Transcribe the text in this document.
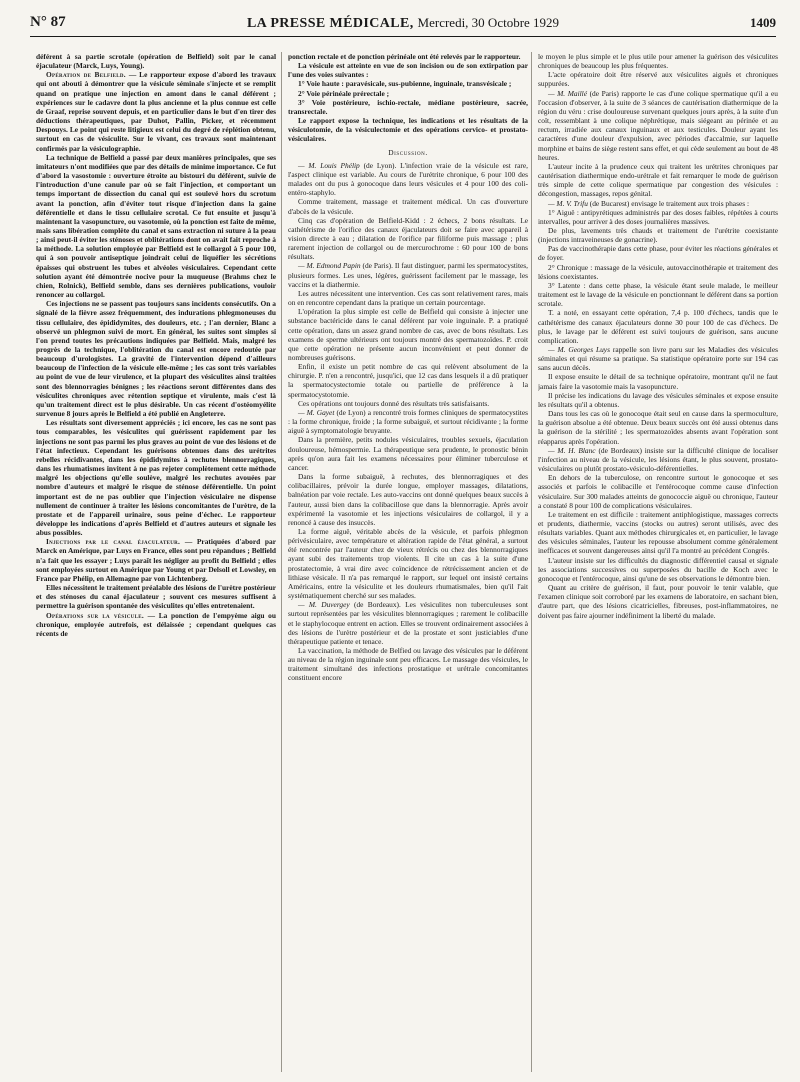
N° 87	LA PRESSE MÉDICALE, Mercredi, 30 Octobre 1929	1409

déférent à sa partie scrotale (opération de Belfield) soit par le canal éjaculateur (Marck, Luys, Young).

Opération de Belfield. — Le rapporteur expose d'abord les travaux qui ont abouti à démontrer que la vésicule séminale s'injecte et se remplit quand on pratique une injection en amont dans le canal déférent ; expériences sur le cadavre dont la plus ancienne et la plus connue est celle de Graaf, reprise souvent depuis, et en particulier dans le but d'en tirer des déductions thérapeutiques, par Duhot, Pallin, Picker, et récemment Despouys. Le point qui reste litigieux est celui du degré de réplétion obtenu, surtout en cas de vésiculite. Sur le vivant, ces travaux sont maintenant confirmés par la vésiculographie.

La technique de Belfield a passé par deux manières principales, que ses imitateurs n'ont modifiées que par des détails de minime importance. Ce fut d'abord la vasostomie : ouverture étroite au bistouri du déférent, suivie de l'introduction d'une canule par où se fait l'injection, et comportant un temps important de dissection du canal qui est soulevé hors du scrotum avant la ponction, afin d'éviter tout risque d'injection dans la gaine déférentielle et dans le tissu cellulaire scrotal. Ce fut ensuite et jusqu'à maintenant la vasopuncture, ou vasotomie, où la ponction est faite de même, mais sans libération complète du canal et sans extraction ni suture à la peau ; ainsi peut-il éviter les sténoses et oblitérations dont on avait fait reproche à la méthode. La solution employée par Belfield est le collargol à 5 pour 100, qui à son pouvoir antiseptique joindrait celui de liquéfier les sécrétions épaisses qui obstruent les tubes et alvéoles vésiculaires. Cependant cette solution ayant été démontrée nocive pour la muqueuse (Brahms chez le chien, Rolnick), Belfield semble, dans ses dernières publications, vouloir renoncer au collargol.

Ces injections ne se passent pas toujours sans incidents consécutifs. On a signalé de la fièvre assez fréquemment, des indurations phlegmoneuses du tissu cellulaire, des épididymites, des douleurs, etc. ; l'an dernier, Blanc a observé un phlegmon suivi de mort. En général, les suites sont simples si l'on prend toutes les précautions indiquées par Belfield. Mais, malgré les progrès de la technique, l'oblitération du canal est encore redoutée par beaucoup d'urologistes. La gravité de l'intervention dépend d'ailleurs beaucoup de l'infection de la vésicule elle-même ; les cas sont très variables au point de vue de leur virulence, et la plupart des vésiculites ainsi traitées sont des blennorragies bénignes ; les réactions seront différentes dans des vésiculites chroniques avec rétention septique et virulente, mais c'est là qu'un traitement direct est le plus désirable. Un cas récent d'ostéomyélite survenue 8 jours après le Belfield a été publié en Angleterre.

Les résultats sont diversement appréciés ; ici encore, les cas ne sont pas tous comparables, les vésiculites qui guérissent rapidement par les injections ne sont pas parmi les plus graves au point de vue des lésions et de l'état infectieux. Cependant les guérisons obtenues dans des urétrites rebelles récidivantes, dans les épididymites à rechutes blennorragiques, dans les rhumatismes invitent à ne pas rejeter complètement cette méthode malgré les objections qu'elle soulève, malgré les rechutes avouées par nombre d'auteurs et malgré le risque de sténose déférentielle. Un point important est de ne pas oublier que l'injection vésiculaire ne dispense nullement de continuer à traiter les lésions concomitantes de l'urètre, de la prostate et de l'appareil urinaire, sous peine d'échec. Le rapporteur développe les indications d'après Belfield et d'autres auteurs et signale les abus possibles.

Injections par le canal éjaculateur. — Pratiquées d'abord par Marck en Amérique, par Luys en France, elles sont peu répandues ; Belfield n'a fait que les essayer ; Luys paraît les négliger au profit du Belfield ; elles sont employées surtout en Amérique par Young et par Delsoll et Lowsley, en France par Phélip, en Allemagne par von Lichtenberg.

Elles nécessitent le traitement préalable des lésions de l'urètre postérieur et des sténoses du canal éjaculateur ; souvent ces mesures suffisent à permettre la guérison spontanée des vésiculites qu'elles entretenaient.

Opérations sur la vésicule. — La ponction de l'empyème aigu ou chronique, employée autrefois, est délaissée ; cependant quelques cas récents de

ponction rectale et de ponction périnéale ont été relevés par le rapporteur.

La vésicule est atteinte en vue de son incision ou de son extirpation par l'une des voies suivantes :

1° Voie haute : paravésicale, sus-pubienne, inguinale, transvésicale ;

2° Voie périnéale prérectale ;

3° Voie postérieure, ischio-rectale, médiane postérieure, sacrée, transrectale.

Le rapport expose la technique, les indications et les résultats de la vésiculotomie, de la vésiculectomie et des opérations cervico- et prostato-vésiculaires.

Discussion.

— M. Louis Phélip (de Lyon). L'infection vraie de la vésicule est rare, l'aspect clinique est variable. Au cours de l'urétrite chronique, 6 pour 100 des malades ont du pus à gonocoque dans leurs vésicules et 4 pour 100 des coli-entéro-staphylo.

Comme traitement, massage et traitement médical. Un cas d'ouverture d'abcès de la vésicule.

Cinq cas d'opération de Belfield-Kidd : 2 échecs, 2 bons résultats. Le cathétérisme de l'orifice des canaux éjaculateurs doit se faire avec appareil à vision directe à eau ; dilatation de l'orifice par filiforme puis massage ; plus rarement injection de collargol ou de mercurochrome : 60 pour 100 de bons résultats.

— M. Edmond Papin (de Paris). Il faut distinguer, parmi les spermatocystites, plusieurs formes. Les unes, légères, guérissent facilement par le massage, les vaccins et la diathermie.

Les autres nécessitent une intervention. Ces cas sont relativement rares, mais on en rencontre cependant dans la pratique un certain pourcentage.

L'opération la plus simple est celle de Belfield qui consiste à injecter une substance bactéricide dans le canal déférent par voie inguinale. P. a pratiqué cette opération, dans un assez grand nombre de cas, avec de bons résultats. Les examens de sperme ultérieurs ont toujours montré des spermatozoïdes. P. croit que cette opération ne présente aucun inconvénient et peut donner de nombreuses guérisons.

Enfin, il existe un petit nombre de cas qui relèvent absolument de la chirurgie. P. n'en a rencontré, jusqu'ici, que 12 cas dans lesquels il a dû pratiquer la spermatocystectomie totale ou partielle de préférence à la spermatocystotomie.

Ces opérations ont toujours donné des résultats très satisfaisants.

— M. Gayet (de Lyon) a rencontré trois formes cliniques de spermatocystites : la forme chronique, froide ; la forme subaiguë, et surtout récidivante ; la forme aiguë à symptomatologie bruyante.

Dans la première, petits nodules vésiculaires, troubles sexuels, éjaculation douloureuse, hémospermie. La thérapeutique sera prudente, le pronostic bénin après qu'on aura fait les examens nécessaires pour éliminer tuberculose et cancer.

Dans la forme subaiguë, à rechutes, des blennorragiques et des colibacillaires, prévoir la durée longue, employer massages, dilatations, balnéation par voie rectale. Les auto-vaccins ont donné quelques beaux succès à l'auteur, aussi bien dans la colibacillose que dans la blennorragie. Après avoir expérimenté la vasotomie et les injections vésiculaires de collargol, il y a renoncé à cause des insuccès.

La forme aiguë, véritable abcès de la vésicule, et parfois phlegmon périvésiculaire, avec température et altération rapide de l'état général, a surtout été rencontrée par l'auteur chez de vieux rétrécis ou chez des blennorragiques ayant subi des traitements trop violents. Il cite un cas à la suite d'une prostatectomie, à vrai dire avec coïncidence de rétrécissement ancien et de lithiase vésicale. Il n'a pas remarqué le rapport, sur lequel ont insisté certains Américains, entre la vésiculite et les douleurs rhumatismales, bien qu'il l'ait systématiquement cherché sur ses malades.

— M. Duvergey (de Bordeaux). Les vésiculites non tuberculeuses sont surtout représentées par les vésiculites blennorragiques ; rarement le colibacille et le staphylocoque entrent en action. Elles se trouvent ordinairement associées à des lésions de l'urètre postérieur et de la prostate et sont justiciables d'une thérapeutique patiente et tenace.

La vaccination, la méthode de Belfied ou lavage des vésicules par le déférent au niveau de la région inguinale sont peu efficaces. Le massage des vésicules, le traitement simultané des infections prostatique et urétrale concomitantes constituent encore

le moyen le plus simple et le plus utile pour amener la guérison des vésiculites chroniques de beaucoup les plus fréquentes.

L'acte opératoire doit être réservé aux vésiculites aiguës et chroniques suppurées.

— M. Maillé (de Paris) rapporte le cas d'une colique spermatique qu'il a eu l'occasion d'observer, à la suite de 3 séances de cautérisation diathermique de la région du véru : crise douloureuse survenant quelques jours après, à la suite d'un coït, ressemblant à une colique néphrétique, mais siégeant au périnée et au rectum, irradiée aux canaux inguinaux et aux testicules. Douleur ayant les caractères d'une douleur d'expulsion, avec périodes d'accalmie, sur laquelle morphine et bains de siège restent sans effet, et qui cède seulement au bout de 48 heures.

L'auteur incite à la prudence ceux qui traitent les urétrites chroniques par cautérisation diathermique endo-urétrale et fait remarquer le mode de guérison très simple de cette colique spermatique par congestion des vésicules : décongestion, massages, repos génital.

— M. V. Trifu (de Bucarest) envisage le traitement aux trois phases :

1° Aiguë : antipyrétiques administrés par des doses faibles, répétées à courts intervalles, pour arriver à des doses journalières massives.

De plus, lavements très chauds et traitement de l'urétrite coexistante (injections intraveineuses de gonacrine).

Pas de vaccinothérapie dans cette phase, pour éviter les réactions générales et de foyer.

2° Chronique : massage de la vésicule, autovaccinothérapie et traitement des lésions coexistantes.

3° Latente : dans cette phase, la vésicule étant seule malade, le meilleur traitement est le lavage de la vésicule en ponctionnant le déférent dans sa portion scrotale.

T. a noté, en essayant cette opération, 7,4 p. 100 d'échecs, tandis que le cathétérisme des canaux éjaculateurs donne 30 pour 100 de cas d'échecs. De plus, le lavage par le déférent est suivi toujours de guérison, sans aucune complication.

— M. Georges Luys rappelle son livre paru sur les Maladies des vésicules séminales et qui résume sa pratique. Sa statistique opératoire porte sur 194 cas sans aucun décès.

Il expose ensuite le détail de sa technique opératoire, montrant qu'il ne faut jamais faire la vasotomie mais la vasopuncture.

Il précise les indications du lavage des vésicules séminales et expose ensuite les résultats qu'il a obtenus.

Dans tous les cas où le gonocoque était seul en cause dans la spermoculture, la guérison absolue a été obtenue. Deux beaux succès ont été aussi obtenus dans la guérison de la stérilité ; les spermatozoïdes absents avant l'opération sont réapparus après l'opération.

— M. H. Blanc (de Bordeaux) insiste sur la difficulté clinique de localiser l'infection au niveau de la vésicule, les lésions étant, le plus souvent, prostato-vésiculaires ou plutôt prostato-vésiculo-déférentielles.

En dehors de la tuberculose, on rencontre surtout le gonocoque et ses associés et parfois le colibacille et l'entérocoque comme cause d'infection vésiculaire. Sur 300 malades atteints de gonococcie aiguë ou chronique, l'auteur a constaté 8 pour 100 de complications vésiculaires.

Le traitement en est difficile : traitement antiphlogistique, massages corrects et prudents, diathermie, vaccins (stocks ou autres) seront utilisés, avec des résultats variables. Quant aux méthodes chirurgicales et, en particulier, le lavage des vésicules séminales, l'auteur les repousse absolument comme généralement inefficaces et souvent dangereuses ainsi qu'il l'a montré au précédent Congrès.

L'auteur insiste sur les difficultés du diagnostic différentiel causal et signale les associations successives ou superposées du bacille de Koch avec le gonocoque et l'entérocoque, ainsi qu'une de ses observations le démontre bien.

Quant au critère de guérison, il faut, pour pouvoir le tenir valable, que l'examen clinique soit corroboré par les examens de laboratoire, en sachant bien, d'autre part, que des lésions cicatricielles, fibreuses, post-inflammatoires, ne doivent pas faire ajourner indéfiniment la liberté du malade.
